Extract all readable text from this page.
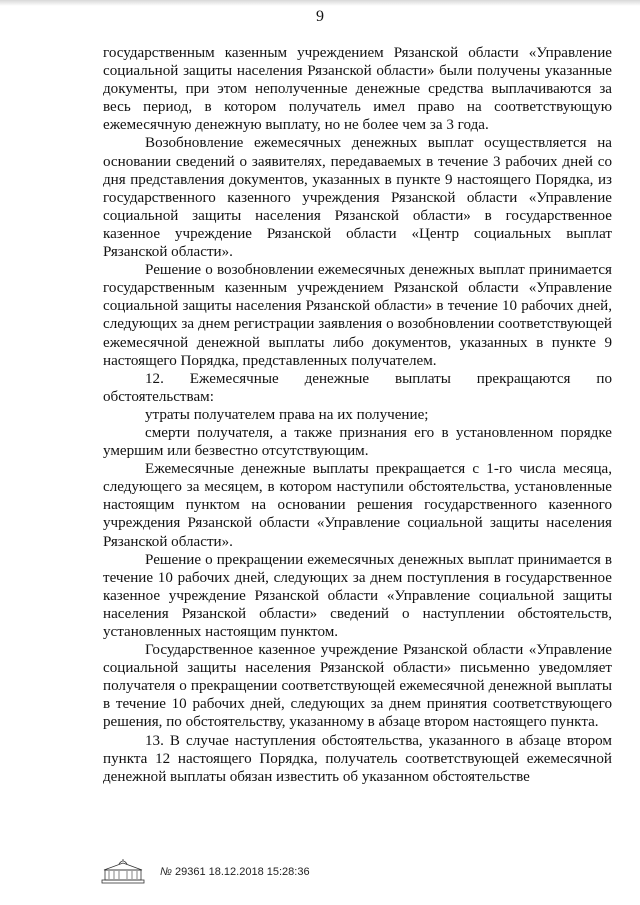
9

государственным казенным учреждением Рязанской области «Управление социальной защиты населения Рязанской области» были получены указанные документы, при этом неполученные денежные средства выплачиваются за весь период, в котором получатель имел право на соответствующую ежемесячную денежную выплату, но не более чем за 3 года.

Возобновление ежемесячных денежных выплат осуществляется на основании сведений о заявителях, передаваемых в течение 3 рабочих дней со дня представления документов, указанных в пункте 9 настоящего Порядка, из государственного казенного учреждения Рязанской области «Управление социальной защиты населения Рязанской области» в государственное казенное учреждение Рязанской области «Центр социальных выплат Рязанской области».

Решение о возобновлении ежемесячных денежных выплат принимается государственным казенным учреждением Рязанской области «Управление социальной защиты населения Рязанской области» в течение 10 рабочих дней, следующих за днем регистрации заявления о возобновлении соответствующей ежемесячной денежной выплаты либо документов, указанных в пункте 9 настоящего Порядка, представленных получателем.

12. Ежемесячные денежные выплаты прекращаются по обстоятельствам:

утраты получателем права на их получение;

смерти получателя, а также признания его в установленном порядке умершим или безвестно отсутствующим.

Ежемесячные денежные выплаты прекращается с 1-го числа месяца, следующего за месяцем, в котором наступили обстоятельства, установленные настоящим пунктом на основании решения государственного казенного учреждения Рязанской области «Управление социальной защиты населения Рязанской области».

Решение о прекращении ежемесячных денежных выплат принимается в течение 10 рабочих дней, следующих за днем поступления в государственное казенное учреждение Рязанской области «Управление социальной защиты населения Рязанской области» сведений о наступлении обстоятельств, установленных настоящим пунктом.

Государственное казенное учреждение Рязанской области «Управление социальной защиты населения Рязанской области» письменно уведомляет получателя о прекращении соответствующей ежемесячной денежной выплаты в течение 10 рабочих дней, следующих за днем принятия соответствующего решения, по обстоятельству, указанному в абзаце втором настоящего пункта.

13. В случае наступления обстоятельства, указанного в абзаце втором пункта 12 настоящего Порядка, получатель соответствующей ежемесячной денежной выплаты обязан известить об указанном обстоятельстве

№ 29361 18.12.2018 15:28:36
